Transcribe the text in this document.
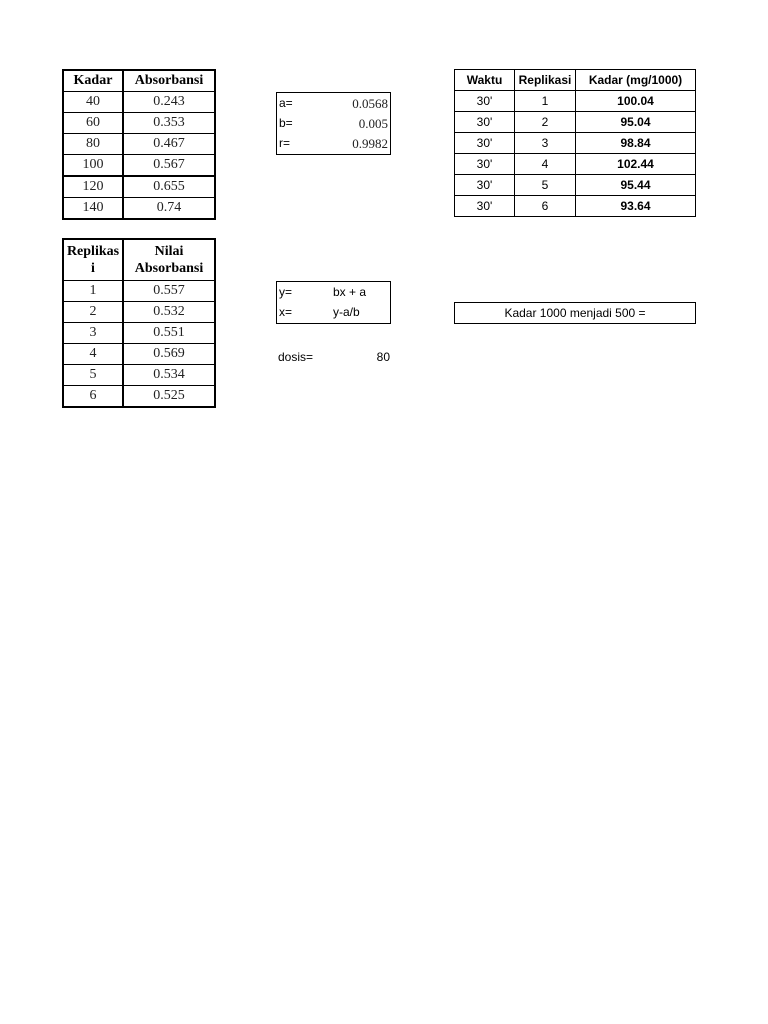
Kadar	Absorbansi
40	0.243
60	0.353
80	0.467
100	0.567
120	0.655
140	0.74
Replikas i	Nilai Absorbansi
1	0.557
2	0.532
3	0.551
4	0.569
5	0.534
6	0.525
a=	0.0568
b=	0.005
r=	0.9982
y=	bx + a
x=	y-a/b
dosis=	80
Waktu	Replikasi	Kadar (mg/1000)
30'	1	100.04
30'	2	95.04
30'	3	98.84
30'	4	102.44
30'	5	95.44
30'	6	93.64
Kadar 1000 menjadi 500 =
